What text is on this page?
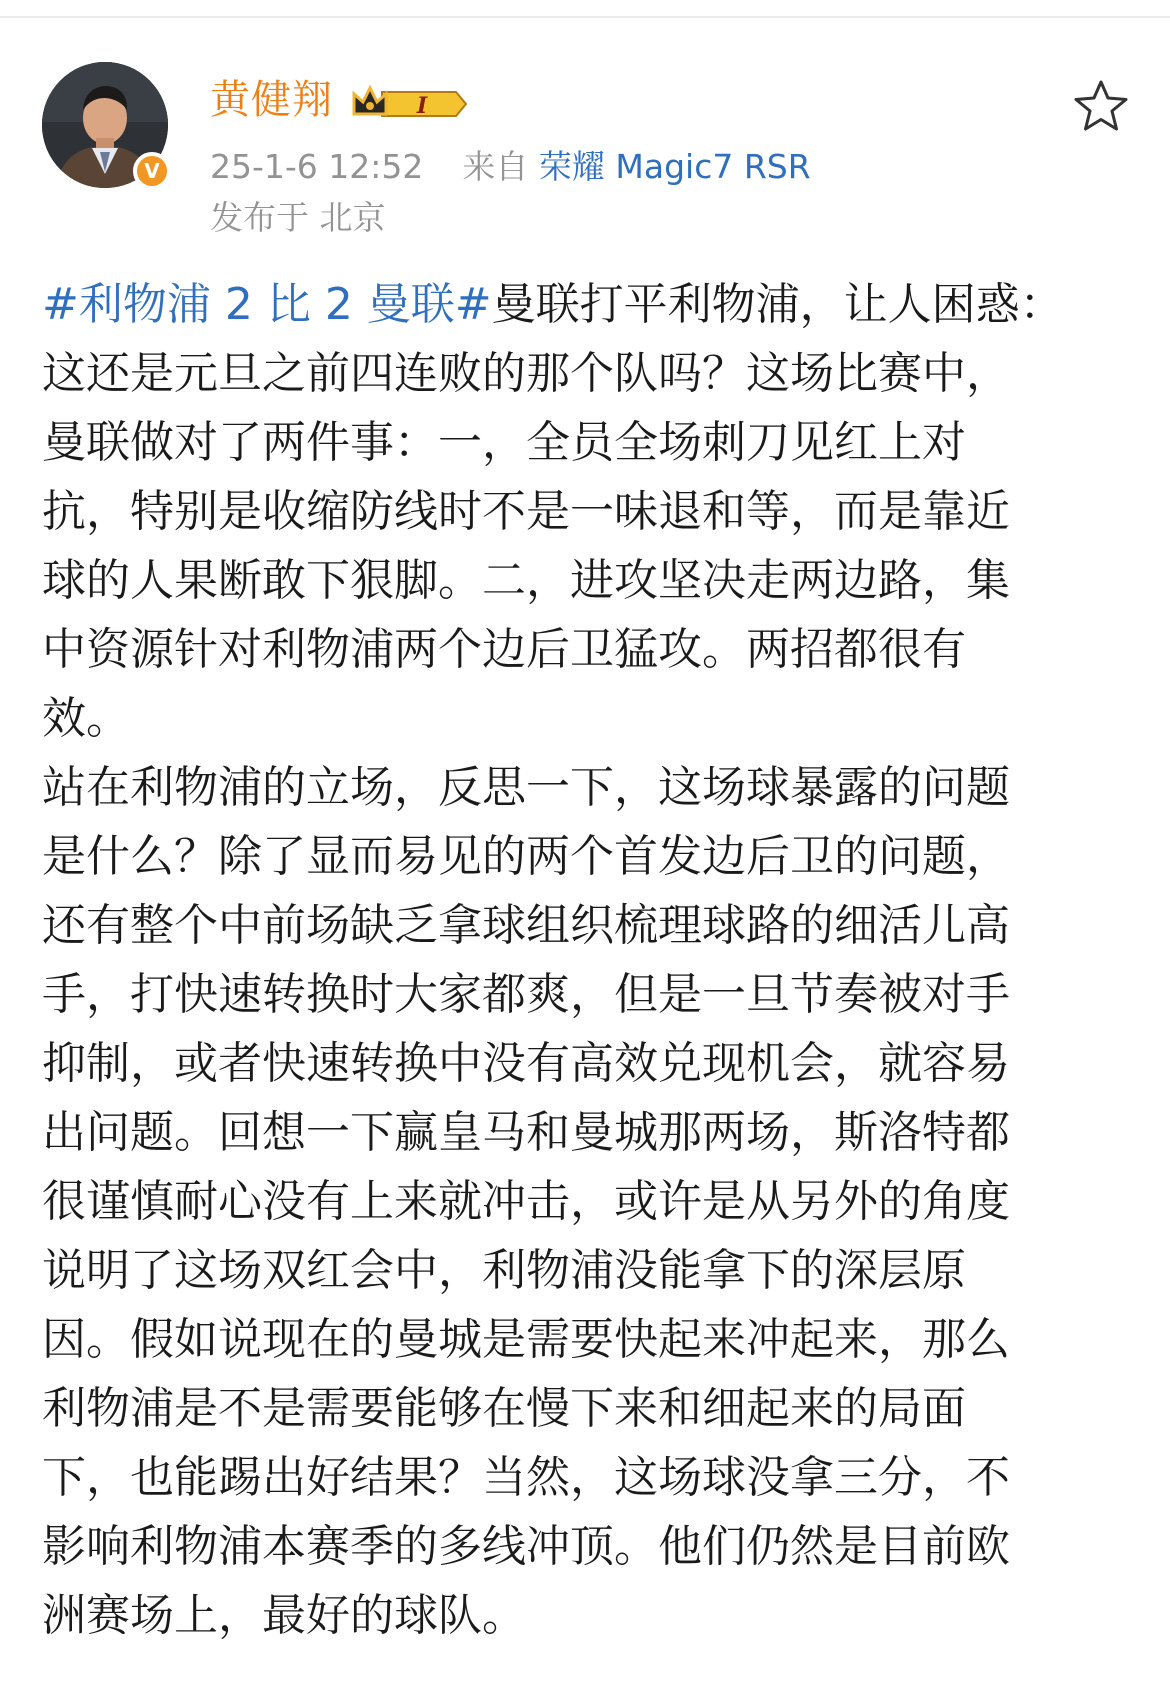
V
黄健翔	I
25-1-6 12:52 来自 荣耀 Magic7 RSR
发布于 北京
#利物浦 2 比 2 曼联#曼联打平利物浦，让人困惑：
这还是元旦之前四连败的那个队吗？这场比赛中，
曼联做对了两件事：一，全员全场刺刀见红上对
抗，特别是收缩防线时不是一味退和等，而是靠近
球的人果断敢下狠脚。二，进攻坚决走两边路，集
中资源针对利物浦两个边后卫猛攻。两招都很有
效。
站在利物浦的立场，反思一下，这场球暴露的问题
是什么？除了显而易见的两个首发边后卫的问题，
还有整个中前场缺乏拿球组织梳理球路的细活儿高
手，打快速转换时大家都爽，但是一旦节奏被对手
抑制，或者快速转换中没有高效兑现机会，就容易
出问题。回想一下赢皇马和曼城那两场，斯洛特都
很谨慎耐心没有上来就冲击，或许是从另外的角度
说明了这场双红会中，利物浦没能拿下的深层原
因。假如说现在的曼城是需要快起来冲起来，那么
利物浦是不是需要能够在慢下来和细起来的局面
下，也能踢出好结果？当然，这场球没拿三分，不
影响利物浦本赛季的多线冲顶。他们仍然是目前欧
洲赛场上，最好的球队。
